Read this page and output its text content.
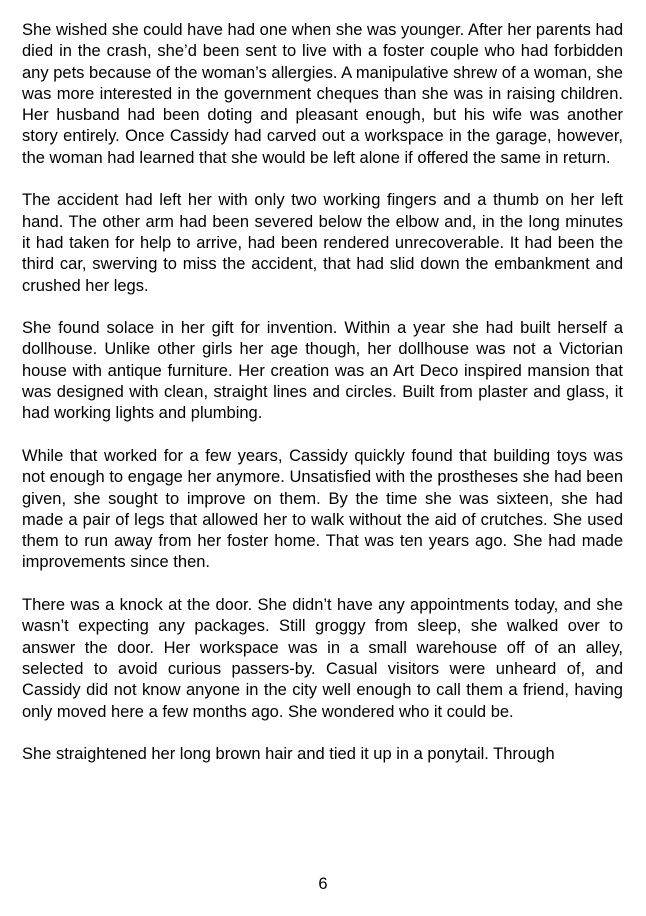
She wished she could have had one when she was younger. After her parents had died in the crash, she’d been sent to live with a foster couple who had forbidden any pets because of the woman’s allergies. A manipulative shrew of a woman, she was more interested in the government cheques than she was in raising children. Her husband had been doting and pleasant enough, but his wife was another story entirely. Once Cassidy had carved out a workspace in the garage, however, the woman had learned that she would be left alone if offered the same in return.

The accident had left her with only two working fingers and a thumb on her left hand. The other arm had been severed below the elbow and, in the long minutes it had taken for help to arrive, had been rendered unrecoverable. It had been the third car, swerving to miss the accident, that had slid down the embankment and crushed her legs.

She found solace in her gift for invention. Within a year she had built herself a dollhouse. Unlike other girls her age though, her dollhouse was not a Victorian house with antique furniture. Her creation was an Art Deco inspired mansion that was designed with clean, straight lines and circles. Built from plaster and glass, it had working lights and plumbing.

While that worked for a few years, Cassidy quickly found that building toys was not enough to engage her anymore. Unsatisfied with the prostheses she had been given, she sought to improve on them. By the time she was sixteen, she had made a pair of legs that allowed her to walk without the aid of crutches. She used them to run away from her foster home. That was ten years ago. She had made improvements since then.

There was a knock at the door. She didn’t have any appointments today, and she wasn’t expecting any packages. Still groggy from sleep, she walked over to answer the door. Her workspace was in a small warehouse off of an alley, selected to avoid curious passers-by. Casual visitors were unheard of, and Cassidy did not know anyone in the city well enough to call them a friend, having only moved here a few months ago. She wondered who it could be.

She straightened her long brown hair and tied it up in a ponytail. Through

6
